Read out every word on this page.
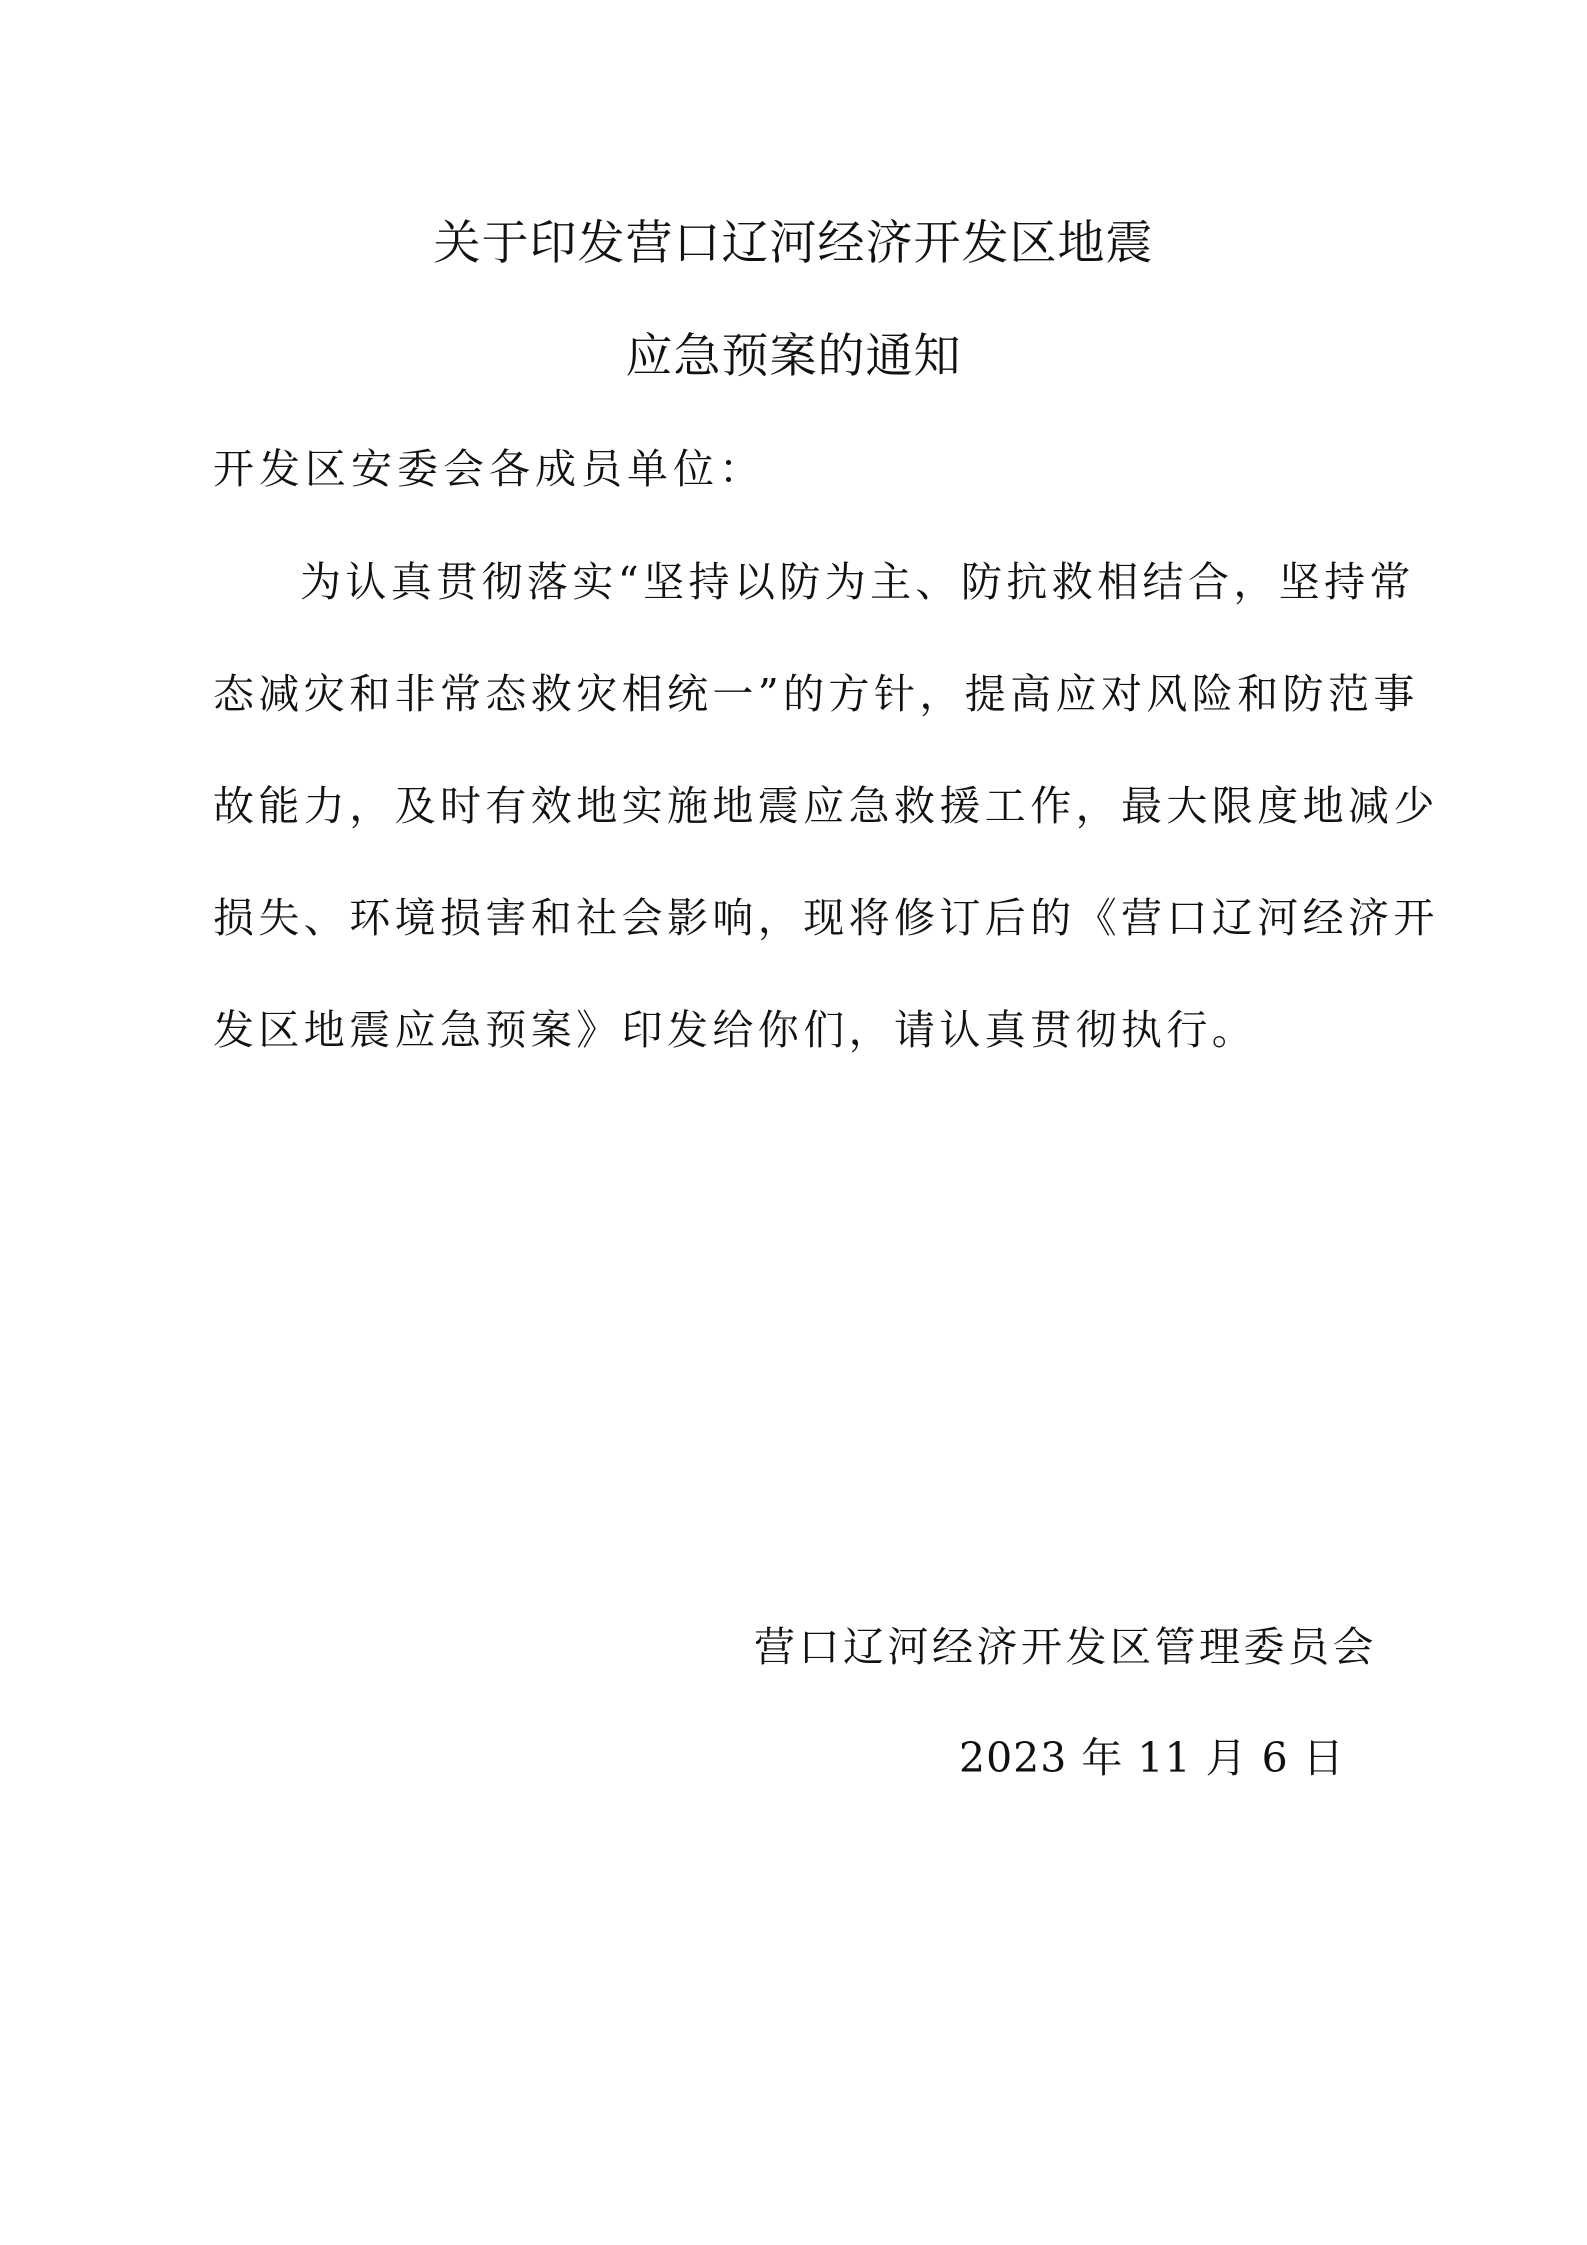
关于印发营口辽河经济开发区地震
应急预案的通知
开发区安委会各成员单位：
为认真贯彻落实“坚持以防为主、防抗救相结合，坚持常
态减灾和非常态救灾相统一”的方针，提高应对风险和防范事
故能力，及时有效地实施地震应急救援工作，最大限度地减少
损失、环境损害和社会影响，现将修订后的《营口辽河经济开
发区地震应急预案》印发给你们，请认真贯彻执行。
营口辽河经济开发区管理委员会
2023 年 11 月 6 日
